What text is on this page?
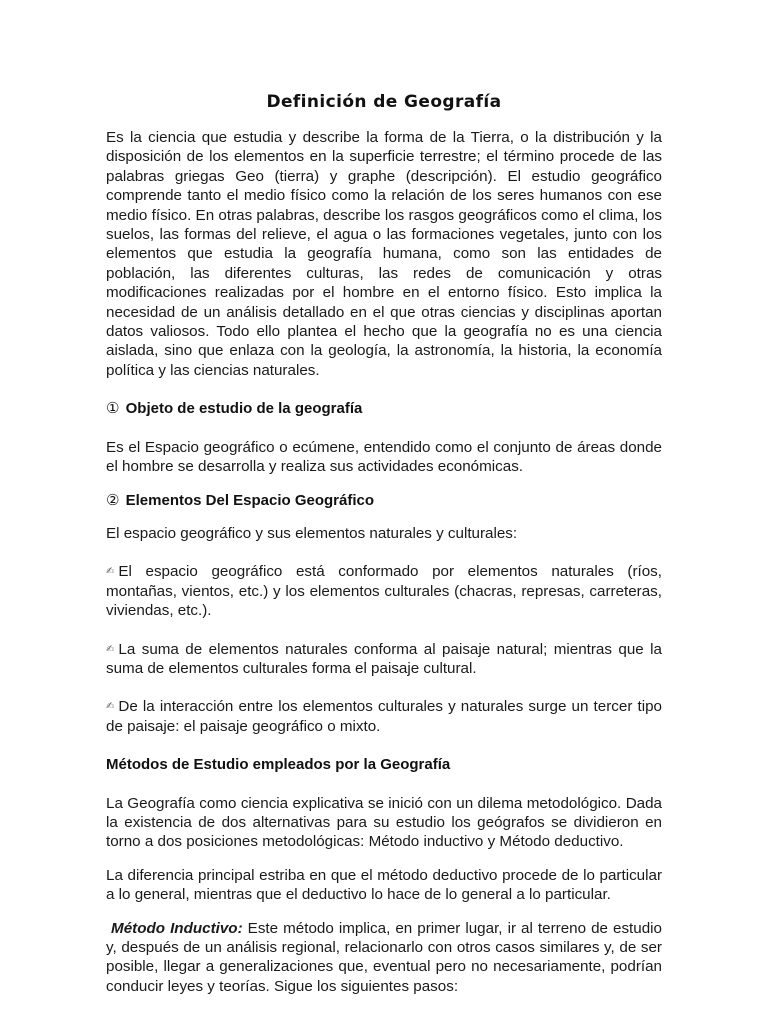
Definición de Geografía

Es la ciencia que estudia y describe la forma de la Tierra, o la distribución y la disposición de los elementos en la superficie terrestre; el término procede de las palabras griegas Geo (tierra) y graphe (descripción). El estudio geográfico comprende tanto el medio físico como la relación de los seres humanos con ese medio físico. En otras palabras, describe los rasgos geográficos como el clima, los suelos, las formas del relieve, el agua o las formaciones vegetales, junto con los elementos que estudia la geografía humana, como son las entidades de población, las diferentes culturas, las redes de comunicación y otras modificaciones realizadas por el hombre en el entorno físico. Esto implica la necesidad de un análisis detallado en el que otras ciencias y disciplinas aportan datos valiosos. Todo ello plantea el hecho que la geografía no es una ciencia aislada, sino que enlaza con la geología, la astronomía, la historia, la economía política y las ciencias naturales.

① Objeto de estudio de la geografía

Es el Espacio geográfico o ecúmene, entendido como el conjunto de áreas donde el hombre se desarrolla y realiza sus actividades económicas.

② Elementos Del Espacio Geográfico

El espacio geográfico y sus elementos naturales y culturales:

✍ El espacio geográfico está conformado por elementos naturales (ríos, montañas, vientos, etc.) y los elementos culturales (chacras, represas, carreteras, viviendas, etc.).

✍ La suma de elementos naturales conforma al paisaje natural; mientras que la suma de elementos culturales forma el paisaje cultural.

✍ De la interacción entre los elementos culturales y naturales surge un tercer tipo de paisaje: el paisaje geográfico o mixto.

Métodos de Estudio empleados por la Geografía

La Geografía como ciencia explicativa se inició con un dilema metodológico. Dada la existencia de dos alternativas para su estudio los geógrafos se dividieron en torno a dos posiciones metodológicas: Método inductivo y Método deductivo.

La diferencia principal estriba en que el método deductivo procede de lo particular a lo general, mientras que el deductivo lo hace de lo general a lo particular.

Método Inductivo: Este método implica, en primer lugar, ir al terreno de estudio y, después de un análisis regional, relacionarlo con otros casos similares y, de ser posible, llegar a generalizaciones que, eventual pero no necesariamente, podrían conducir leyes y teorías. Sigue los siguientes pasos:
